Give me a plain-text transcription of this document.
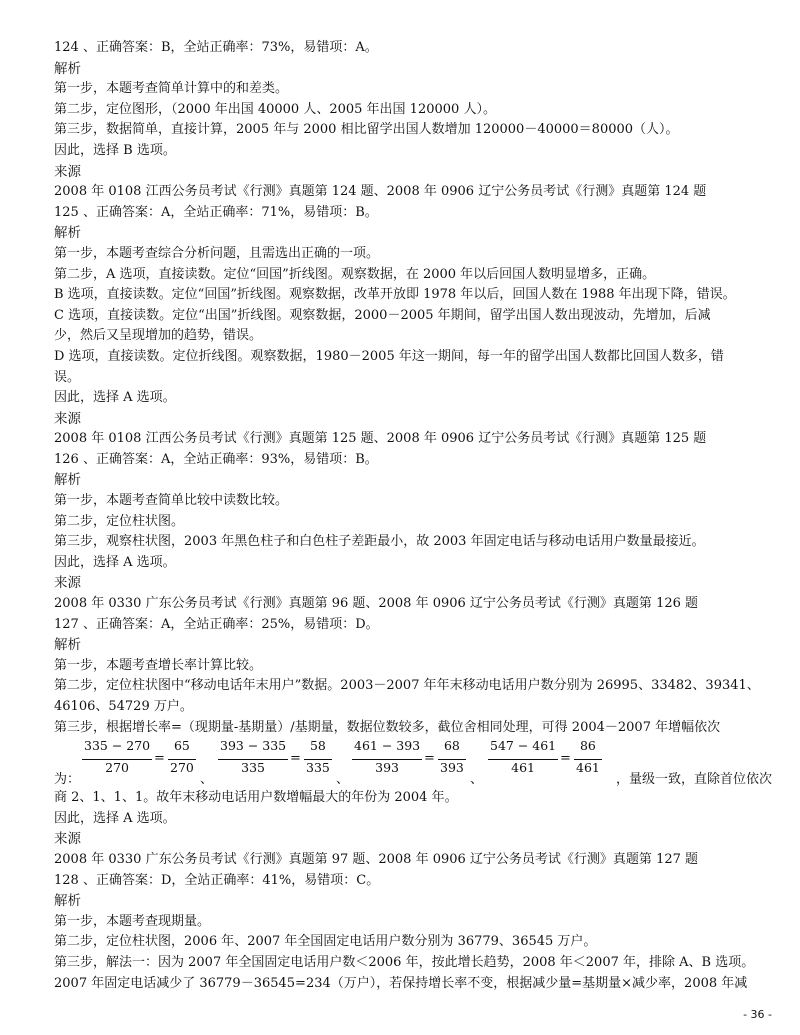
124 、正确答案：B，全站正确率：73%，易错项：A。
解析
第一步，本题考查简单计算中的和差类。
第二步，定位图形，（2000 年出国 40000 人、2005 年出国 120000 人）。
第三步，数据简单，直接计算，2005 年与 2000 相比留学出国人数增加 120000－40000＝80000（人）。
因此，选择 B 选项。
来源
2008 年 0108 江西公务员考试《行测》真题第 124 题、2008 年 0906 辽宁公务员考试《行测》真题第 124 题
125 、正确答案：A，全站正确率：71%，易错项：B。
解析
第一步，本题考查综合分析问题，且需选出正确的一项。
第二步，A 选项，直接读数。定位“回国”折线图。观察数据，在 2000 年以后回国人数明显增多，正确。
B 选项，直接读数。定位“回国”折线图。观察数据，改革开放即 1978 年以后，回国人数在 1988 年出现下降，错误。
C 选项，直接读数。定位“出国”折线图。观察数据，2000－2005 年期间，留学出国人数出现波动，先增加，后减
少，然后又呈现增加的趋势，错误。
D 选项，直接读数。定位折线图。观察数据，1980－2005 年这一期间，每一年的留学出国人数都比回国人数多，错
误。
因此，选择 A 选项。
来源
2008 年 0108 江西公务员考试《行测》真题第 125 题、2008 年 0906 辽宁公务员考试《行测》真题第 125 题
126 、正确答案：A，全站正确率：93%，易错项：B。
解析
第一步，本题考查简单比较中读数比较。
第二步，定位柱状图。
第三步，观察柱状图，2003 年黑色柱子和白色柱子差距最小，故 2003 年固定电话与移动电话用户数量最接近。
因此，选择 A 选项。
来源
2008 年 0330 广东公务员考试《行测》真题第 96 题、2008 年 0906 辽宁公务员考试《行测》真题第 126 题
127 、正确答案：A，全站正确率：25%，易错项：D。
解析
第一步，本题考查增长率计算比较。
第二步，定位柱状图中“移动电话年末用户”数据。2003－2007 年年末移动电话用户数分别为 26995、33482、39341、
46106、54729 万户。
第三步，根据增长率=（现期量-基期量）/基期量，数据位数较多，截位舍相同处理，可得 2004－2007 年增幅依次
为：
$\frac{335 - 270}{270} = \frac{65}{270}$
、
$\frac{393 - 335}{335} = \frac{58}{335}$
、
$\frac{461 - 393}{393} = \frac{68}{393}$
、
$\frac{547 - 461}{461} = \frac{86}{461}$
，量级一致，直除首位依次
商 2、1、1、1。故年末移动电话用户数增幅最大的年份为 2004 年。
因此，选择 A 选项。
来源
2008 年 0330 广东公务员考试《行测》真题第 97 题、2008 年 0906 辽宁公务员考试《行测》真题第 127 题
128 、正确答案：D，全站正确率：41%，易错项：C。
解析
第一步，本题考查现期量。
第二步，定位柱状图，2006 年、2007 年全国固定电话用户数分别为 36779、36545 万户。
第三步，解法一：因为 2007 年全国固定电话用户数＜2006 年，按此增长趋势，2008 年＜2007 年，排除 A、B 选项。
2007 年固定电话减少了 36779－36545=234（万户），若保持增长率不变，根据减少量=基期量×减少率，2008 年减
- 36 -
